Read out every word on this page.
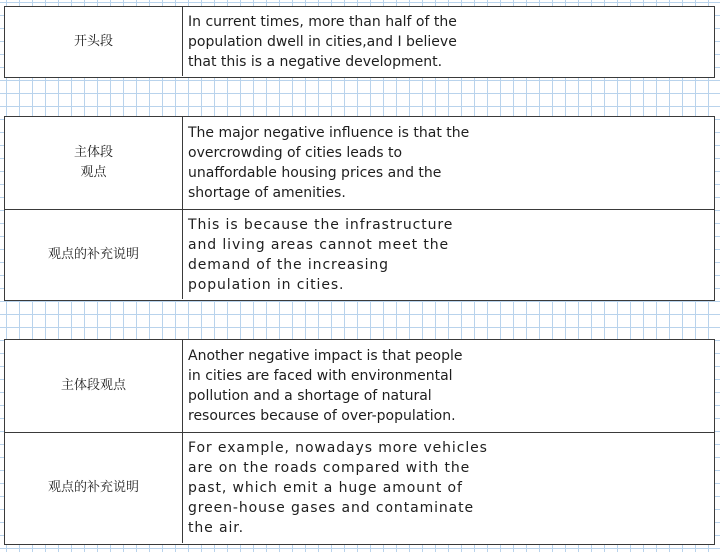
开头段
In current times, more than half of the
population dwell in cities,and I believe
that this is a negative development.
主体段
观点
The major negative influence is that the
overcrowding of cities leads to
unaffordable housing prices and the
shortage of amenities.
观点的补充说明
This is because the infrastructure
and living areas cannot meet the
demand of the increasing
population in cities.
主体段观点
Another negative impact is that people
in cities are faced with environmental
pollution and a shortage of natural
resources because of over-population.
观点的补充说明
For example, nowadays more vehicles
are on the roads compared with the
past, which emit a huge amount of
green-house gases and contaminate
the air.
